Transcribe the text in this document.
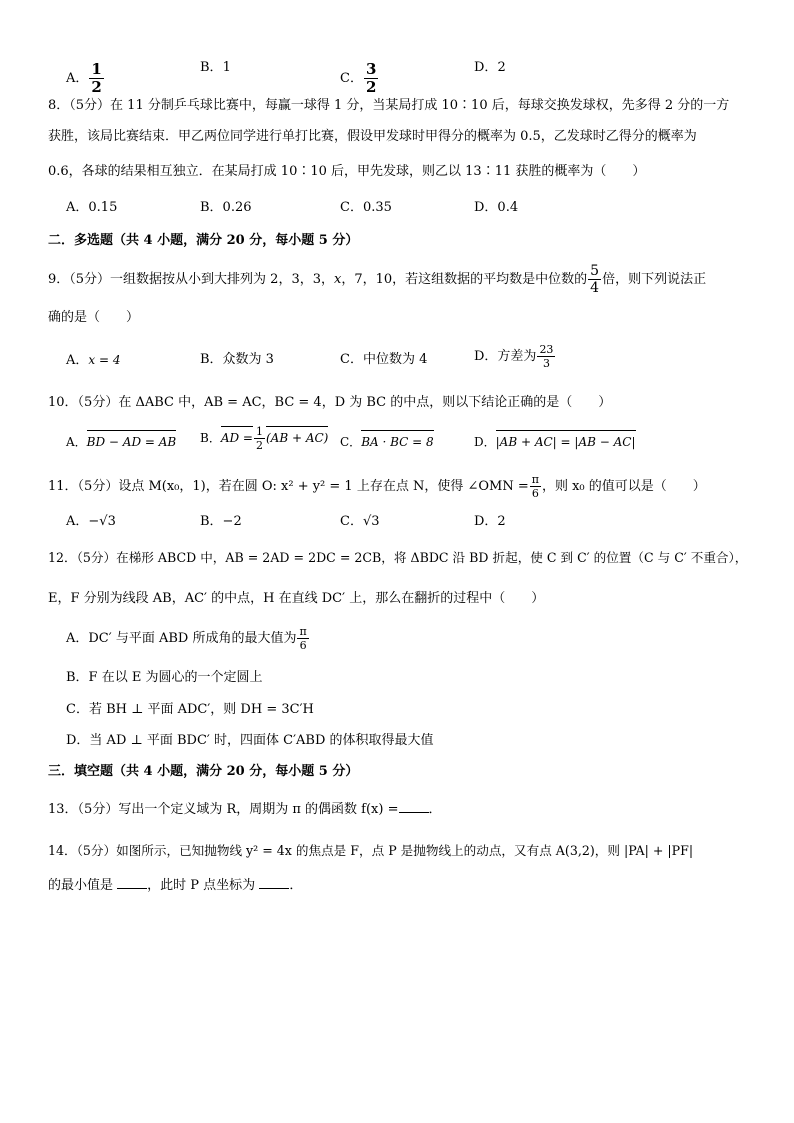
A． $\frac{1}{2}$	B．1
C． $\frac{3}{2}$	D．2
8．（5分）在 11 分制乒乓球比赛中，每赢一球得 1 分，当某局打成 10∶10 后，每球交换发球权，先多得 2 分的一方
获胜，该局比赛结束．甲乙两位同学进行单打比赛，假设甲发球时甲得分的概率为 0.5，乙发球时乙得分的概率为
0.6，各球的结果相互独立．在某局打成 10∶10 后，甲先发球，则乙以 13∶11 获胜的概率为（　　）
A．0.15	B．0.26	C．0.35	D．0.4
二．多选题（共 4 小题，满分 20 分，每小题 5 分）
9．（5分）一组数据按从小到大排列为 2，3，3，x，7，10，若这组数据的平均数是中位数的 $\frac{5}{4}$ 倍，则下列说法正
确的是（　　）
A．x = 4	B．众数为 3	C．中位数为 4	D．方差为 $\frac{23}{3}$
10．（5分）在 ΔABC 中，AB = AC，BC = 4，D 为 BC 的中点，则以下结论正确的是（　　）
A．BD − AD = AB B．AD = $\frac{1}{2} (AB + AC)$ C．BA · BC = 8	D．|AB + AC| = |AB − AC|
11．（5分）设点 M(x₀，1)，若在圆 O: x² + y² = 1 上存在点 N，使得 ∠OMN = $\frac{\pi}{6}$ ，则 x₀ 的值可以是（　　）
A．−√3	B．−2	C．√3	D．2
12．（5分）在梯形 ABCD 中，AB = 2AD = 2DC = 2CB，将 ΔBDC 沿 BD 折起，使 C 到 C′ 的位置（C 与 C′ 不重合），
E，F 分别为线段 AB，AC′ 的中点，H 在直线 DC′ 上，那么在翻折的过程中（　　）
A．DC′ 与平面 ABD 所成角的最大值为 $\frac{\pi}{6}$
B．F 在以 E 为圆心的一个定圆上
C．若 BH ⊥ 平面 ADC′，则 DH = 3C′H
D．当 AD ⊥ 平面 BDC′ 时，四面体 C′ABD 的体积取得最大值
三．填空题（共 4 小题，满分 20 分，每小题 5 分）
13．（5分）写出一个定义域为 R，周期为 π 的偶函数 f(x) = ．
14．（5分）如图所示，已知抛物线 y² = 4x 的焦点是 F，点 P 是抛物线上的动点，又有点 A(3,2)，则 |PA| + |PF|
的最小值是	，此时 P 点坐标为	．
